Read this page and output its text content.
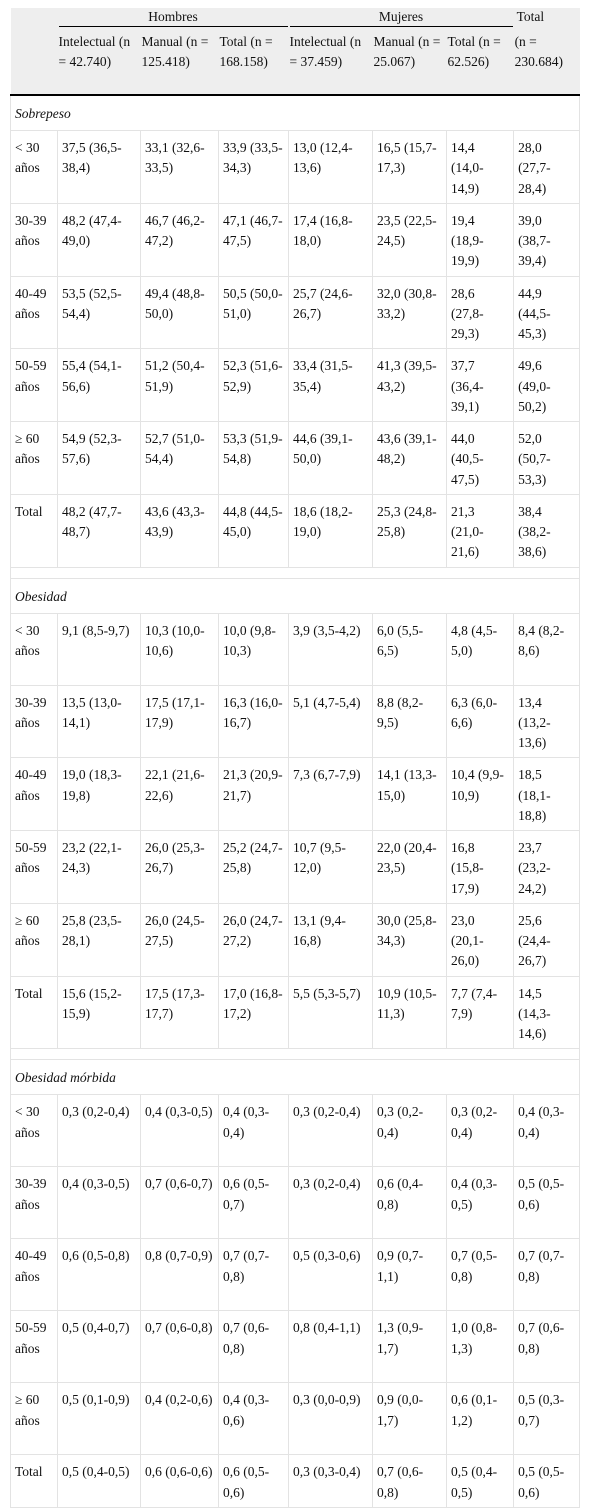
	Hombres			Mujeres			Total
	Intelectual (n = 42.740)	Manual (n = 125.418)	Total (n = 168.158)	Intelectual (n = 37.459)	Manual (n = 25.067)	Total (n = 62.526)	(n = 230.684)
Sobrepeso							
< 30 años	37,5 (36,5-38,4)	33,1 (32,6-33,5)	33,9 (33,5-34,3)	13,0 (12,4-13,6)	16,5 (15,7-17,3)	14,4 (14,0-14,9)	28,0 (27,7-28,4)
30-39 años	48,2 (47,4-49,0)	46,7 (46,2-47,2)	47,1 (46,7-47,5)	17,4 (16,8-18,0)	23,5 (22,5-24,5)	19,4 (18,9-19,9)	39,0 (38,7-39,4)
40-49 años	53,5 (52,5-54,4)	49,4 (48,8-50,0)	50,5 (50,0-51,0)	25,7 (24,6-26,7)	32,0 (30,8-33,2)	28,6 (27,8-29,3)	44,9 (44,5-45,3)
50-59 años	55,4 (54,1-56,6)	51,2 (50,4-51,9)	52,3 (51,6-52,9)	33,4 (31,5-35,4)	41,3 (39,5-43,2)	37,7 (36,4-39,1)	49,6 (49,0-50,2)
≥ 60 años	54,9 (52,3-57,6)	52,7 (51,0-54,4)	53,3 (51,9-54,8)	44,6 (39,1-50,0)	43,6 (39,1-48,2)	44,0 (40,5-47,5)	52,0 (50,7-53,3)
Total	48,2 (47,7-48,7)	43,6 (43,3-43,9)	44,8 (44,5-45,0)	18,6 (18,2-19,0)	25,3 (24,8-25,8)	21,3 (21,0-21,6)	38,4 (38,2-38,6)

Obesidad							
< 30 años	9,1 (8,5-9,7)	10,3 (10,0-10,6)	10,0 (9,8-10,3)	3,9 (3,5-4,2)	6,0 (5,5-6,5)	4,8 (4,5-5,0)	8,4 (8,2-8,6)
30-39 años	13,5 (13,0-14,1)	17,5 (17,1-17,9)	16,3 (16,0-16,7)	5,1 (4,7-5,4)	8,8 (8,2-9,5)	6,3 (6,0-6,6)	13,4 (13,2-13,6)
40-49 años	19,0 (18,3-19,8)	22,1 (21,6-22,6)	21,3 (20,9-21,7)	7,3 (6,7-7,9)	14,1 (13,3-15,0)	10,4 (9,9-10,9)	18,5 (18,1-18,8)
50-59 años	23,2 (22,1-24,3)	26,0 (25,3-26,7)	25,2 (24,7-25,8)	10,7 (9,5-12,0)	22,0 (20,4-23,5)	16,8 (15,8-17,9)	23,7 (23,2-24,2)
≥ 60 años	25,8 (23,5-28,1)	26,0 (24,5-27,5)	26,0 (24,7-27,2)	13,1 (9,4-16,8)	30,0 (25,8-34,3)	23,0 (20,1-26,0)	25,6 (24,4-26,7)
Total	15,6 (15,2-15,9)	17,5 (17,3-17,7)	17,0 (16,8-17,2)	5,5 (5,3-5,7)	10,9 (10,5-11,3)	7,7 (7,4-7,9)	14,5 (14,3-14,6)

Obesidad mórbida							
< 30 años	0,3 (0,2-0,4)	0,4 (0,3-0,5)	0,4 (0,3-0,4)	0,3 (0,2-0,4)	0,3 (0,2-0,4)	0,3 (0,2-0,4)	0,4 (0,3-0,4)
30-39 años	0,4 (0,3-0,5)	0,7 (0,6-0,7)	0,6 (0,5-0,7)	0,3 (0,2-0,4)	0,6 (0,4-0,8)	0,4 (0,3-0,5)	0,5 (0,5-0,6)
40-49 años	0,6 (0,5-0,8)	0,8 (0,7-0,9)	0,7 (0,7-0,8)	0,5 (0,3-0,6)	0,9 (0,7-1,1)	0,7 (0,5-0,8)	0,7 (0,7-0,8)
50-59 años	0,5 (0,4-0,7)	0,7 (0,6-0,8)	0,7 (0,6-0,8)	0,8 (0,4-1,1)	1,3 (0,9-1,7)	1,0 (0,8-1,3)	0,7 (0,6-0,8)
≥ 60 años	0,5 (0,1-0,9)	0,4 (0,2-0,6)	0,4 (0,3-0,6)	0,3 (0,0-0,9)	0,9 (0,0-1,7)	0,6 (0,1-1,2)	0,5 (0,3-0,7)
Total	0,5 (0,4-0,5)	0,6 (0,6-0,6)	0,6 (0,5-0,6)	0,3 (0,3-0,4)	0,7 (0,6-0,8)	0,5 (0,4-0,5)	0,5 (0,5-0,6)
